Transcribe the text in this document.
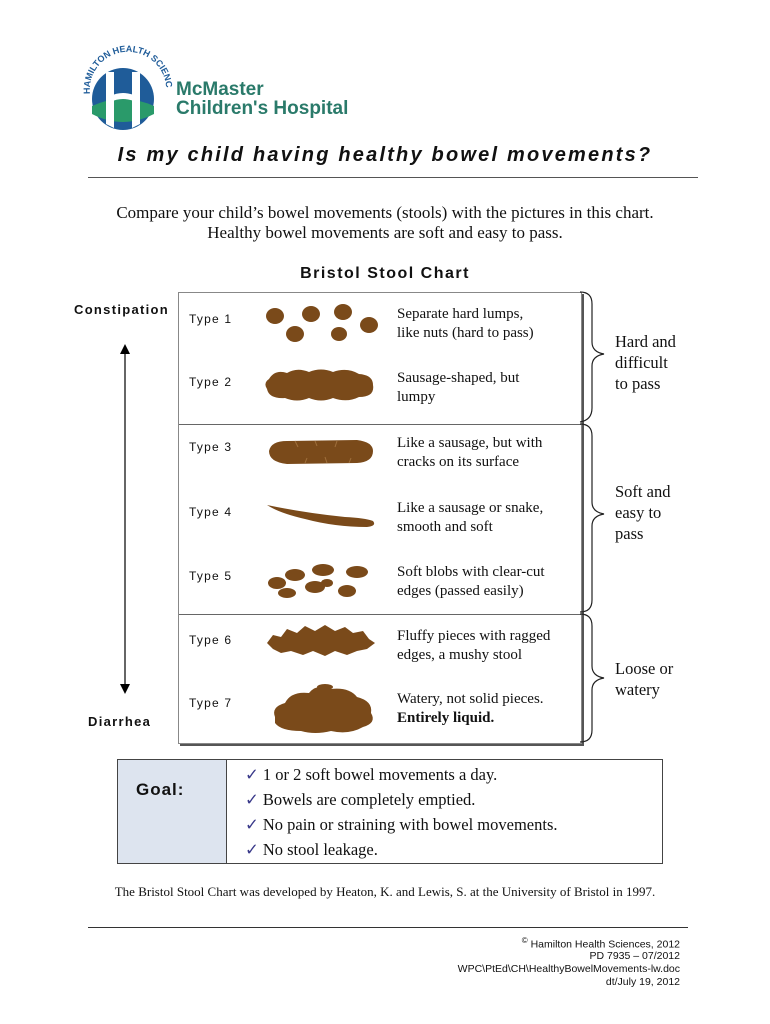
HAMILTON HEALTH SCIENC McMaster
Children's Hospital
Is my child having healthy bowel movements?
Compare your child’s bowel movements (stools) with the pictures in this chart.
Healthy bowel movements are soft and easy to pass.
Bristol Stool Chart
Constipation
Diarrhea
Type 1	Separate hard lumps,
like nuts (hard to pass)
Type 2	Sausage-shaped, but
lumpy
Type 3	Like a sausage, but with
cracks on its surface
Type 4	Like a sausage or snake,
smooth and soft
Type 5	Soft blobs with clear-cut
edges (passed easily)
Type 6	Fluffy pieces with ragged
edges, a mushy stool
Type 7	Watery, not solid pieces.
Entirely liquid.
Hard and
difficult
to pass
Soft and
easy to
pass
Loose or
watery
Goal:
✓ 1 or 2 soft bowel movements a day.
✓ Bowels are completely emptied.
✓ No pain or straining with bowel movements.
✓ No stool leakage.
The Bristol Stool Chart was developed by Heaton, K. and Lewis, S. at the University of Bristol in 1997.
© Hamilton Health Sciences, 2012
PD 7935 – 07/2012
WPC\PtEd\CH\HealthyBowelMovements-lw.doc
dt/July 19, 2012
